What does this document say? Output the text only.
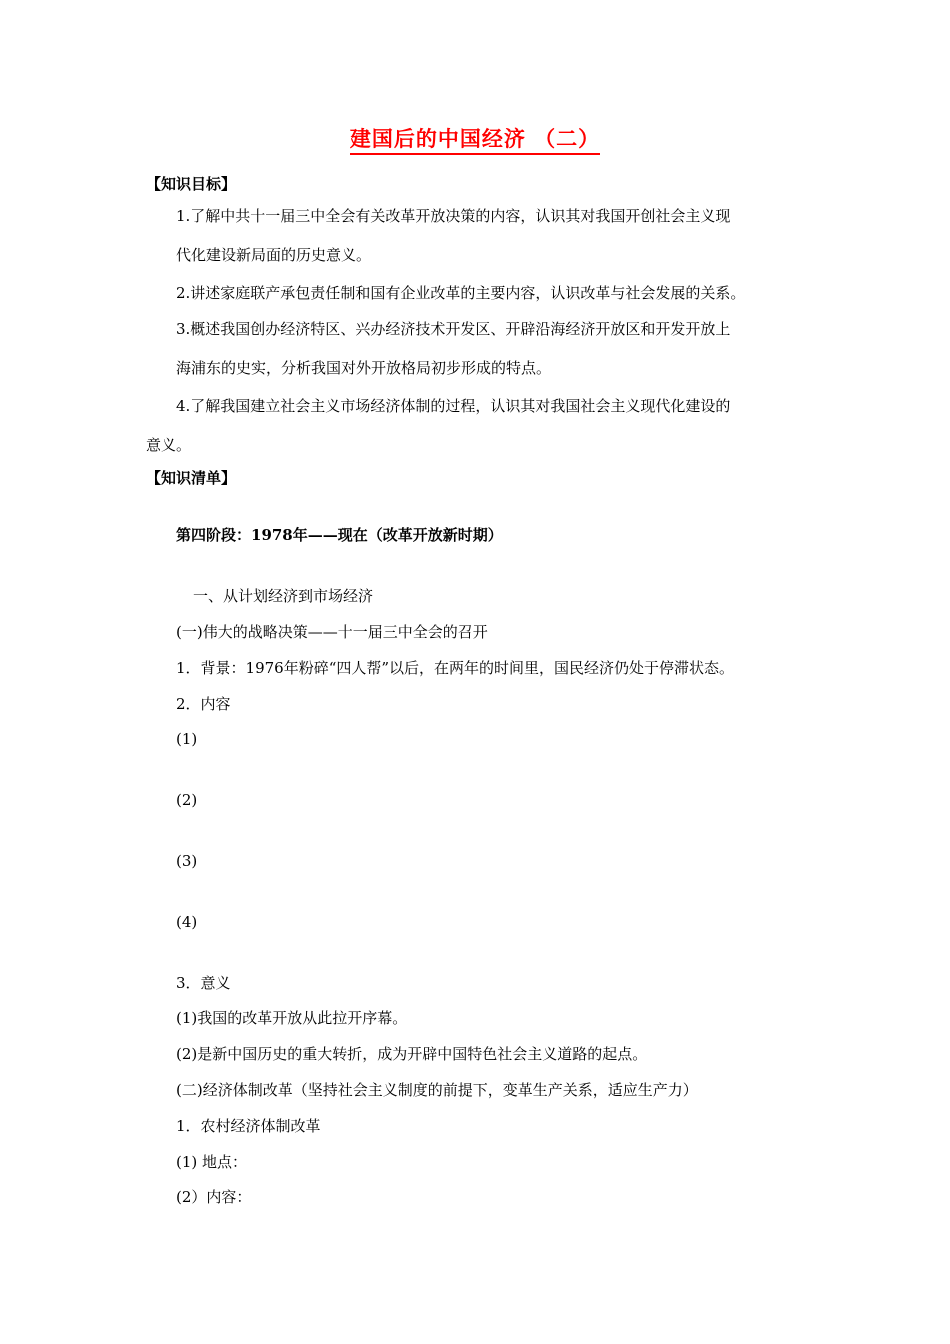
建国后的中国经济 （二）
【知识目标】
1.了解中共十一届三中全会有关改革开放决策的内容，认识其对我国开创社会主义现
代化建设新局面的历史意义。
2.讲述家庭联产承包责任制和国有企业改革的主要内容，认识改革与社会发展的关系。
3.概述我国创办经济特区、兴办经济技术开发区、开辟沿海经济开放区和开发开放上
海浦东的史实，分析我国对外开放格局初步形成的特点。
4.了解我国建立社会主义市场经济体制的过程，认识其对我国社会主义现代化建设的
意义。
【知识清单】
第四阶段：1978年——现在（改革开放新时期）
一、从计划经济到市场经济
(一)伟大的战略决策——十一届三中全会的召开
1．背景：1976年粉碎“四人帮”以后，在两年的时间里，国民经济仍处于停滞状态。
2．内容
(1)
(2)
(3)
(4)
3．意义
(1)我国的改革开放从此拉开序幕。
(2)是新中国历史的重大转折，成为开辟中国特色社会主义道路的起点。
(二)经济体制改革（坚持社会主义制度的前提下，变革生产关系，适应生产力）
1．农村经济体制改革
(1) 地点：
(2）内容：
